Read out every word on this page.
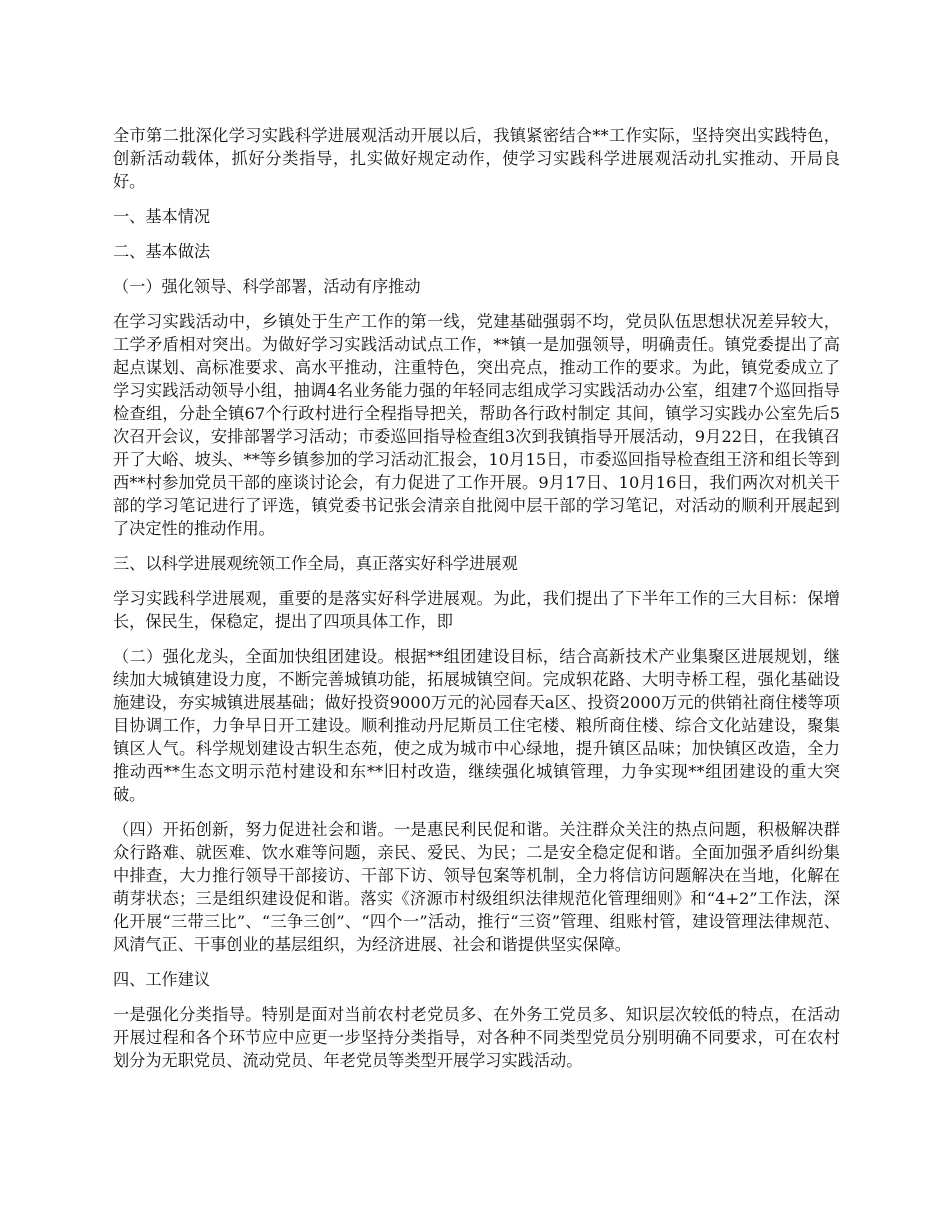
全市第二批深化学习实践科学进展观活动开展以后，我镇紧密结合**工作实际，坚持突出实践特色，创新活动载体，抓好分类指导，扎实做好规定动作，使学习实践科学进展观活动扎实推动、开局良好。

一、基本情况

二、基本做法

（一）强化领导、科学部署，活动有序推动

在学习实践活动中，乡镇处于生产工作的第一线，党建基础强弱不均，党员队伍思想状况差异较大，工学矛盾相对突出。为做好学习实践活动试点工作，**镇一是加强领导，明确责任。镇党委提出了高起点谋划、高标准要求、高水平推动，注重特色，突出亮点，推动工作的要求。为此，镇党委成立了学习实践活动领导小组，抽调4名业务能力强的年轻同志组成学习实践活动办公室，组建7个巡回指导检查组，分赴全镇67个行政村进行全程指导把关，帮助各行政村制定 其间，镇学习实践办公室先后5次召开会议，安排部署学习活动；市委巡回指导检查组3次到我镇指导开展活动，9月22日，在我镇召开了大峪、坡头、**等乡镇参加的学习活动汇报会，10月15日，市委巡回指导检查组王济和组长等到西**村参加党员干部的座谈讨论会，有力促进了工作开展。9月17日、10月16日，我们两次对机关干部的学习笔记进行了评选，镇党委书记张会清亲自批阅中层干部的学习笔记，对活动的顺利开展起到了决定性的推动作用。

三、以科学进展观统领工作全局，真正落实好科学进展观

学习实践科学进展观，重要的是落实好科学进展观。为此，我们提出了下半年工作的三大目标：保增长，保民生，保稳定，提出了四项具体工作，即

（二）强化龙头，全面加快组团建设。根据**组团建设目标，结合高新技术产业集聚区进展规划，继续加大城镇建设力度，不断完善城镇功能，拓展城镇空间。完成轵花路、大明寺桥工程，强化基础设施建设，夯实城镇进展基础；做好投资9000万元的沁园春天a区、投资2000万元的供销社商住楼等项目协调工作，力争早日开工建设。顺利推动丹尼斯员工住宅楼、粮所商住楼、综合文化站建设，聚集镇区人气。科学规划建设古轵生态苑，使之成为城市中心绿地，提升镇区品味；加快镇区改造，全力推动西**生态文明示范村建设和东**旧村改造，继续强化城镇管理，力争实现**组团建设的重大突破。

（四）开拓创新，努力促进社会和谐。一是惠民利民促和谐。关注群众关注的热点问题，积极解决群众行路难、就医难、饮水难等问题，亲民、爱民、为民；二是安全稳定促和谐。全面加强矛盾纠纷集中排查，大力推行领导干部接访、干部下访、领导包案等机制，全力将信访问题解决在当地，化解在萌芽状态；三是组织建设促和谐。落实《济源市村级组织法律规范化管理细则》和“4+2”工作法，深化开展“三带三比”、“三争三创”、“四个一”活动，推行“三资”管理、组账村管，建设管理法律规范、风清气正、干事创业的基层组织，为经济进展、社会和谐提供坚实保障。

四、工作建议

一是强化分类指导。特别是面对当前农村老党员多、在外务工党员多、知识层次较低的特点，在活动开展过程和各个环节应中应更一步坚持分类指导，对各种不同类型党员分别明确不同要求，可在农村划分为无职党员、流动党员、年老党员等类型开展学习实践活动。
